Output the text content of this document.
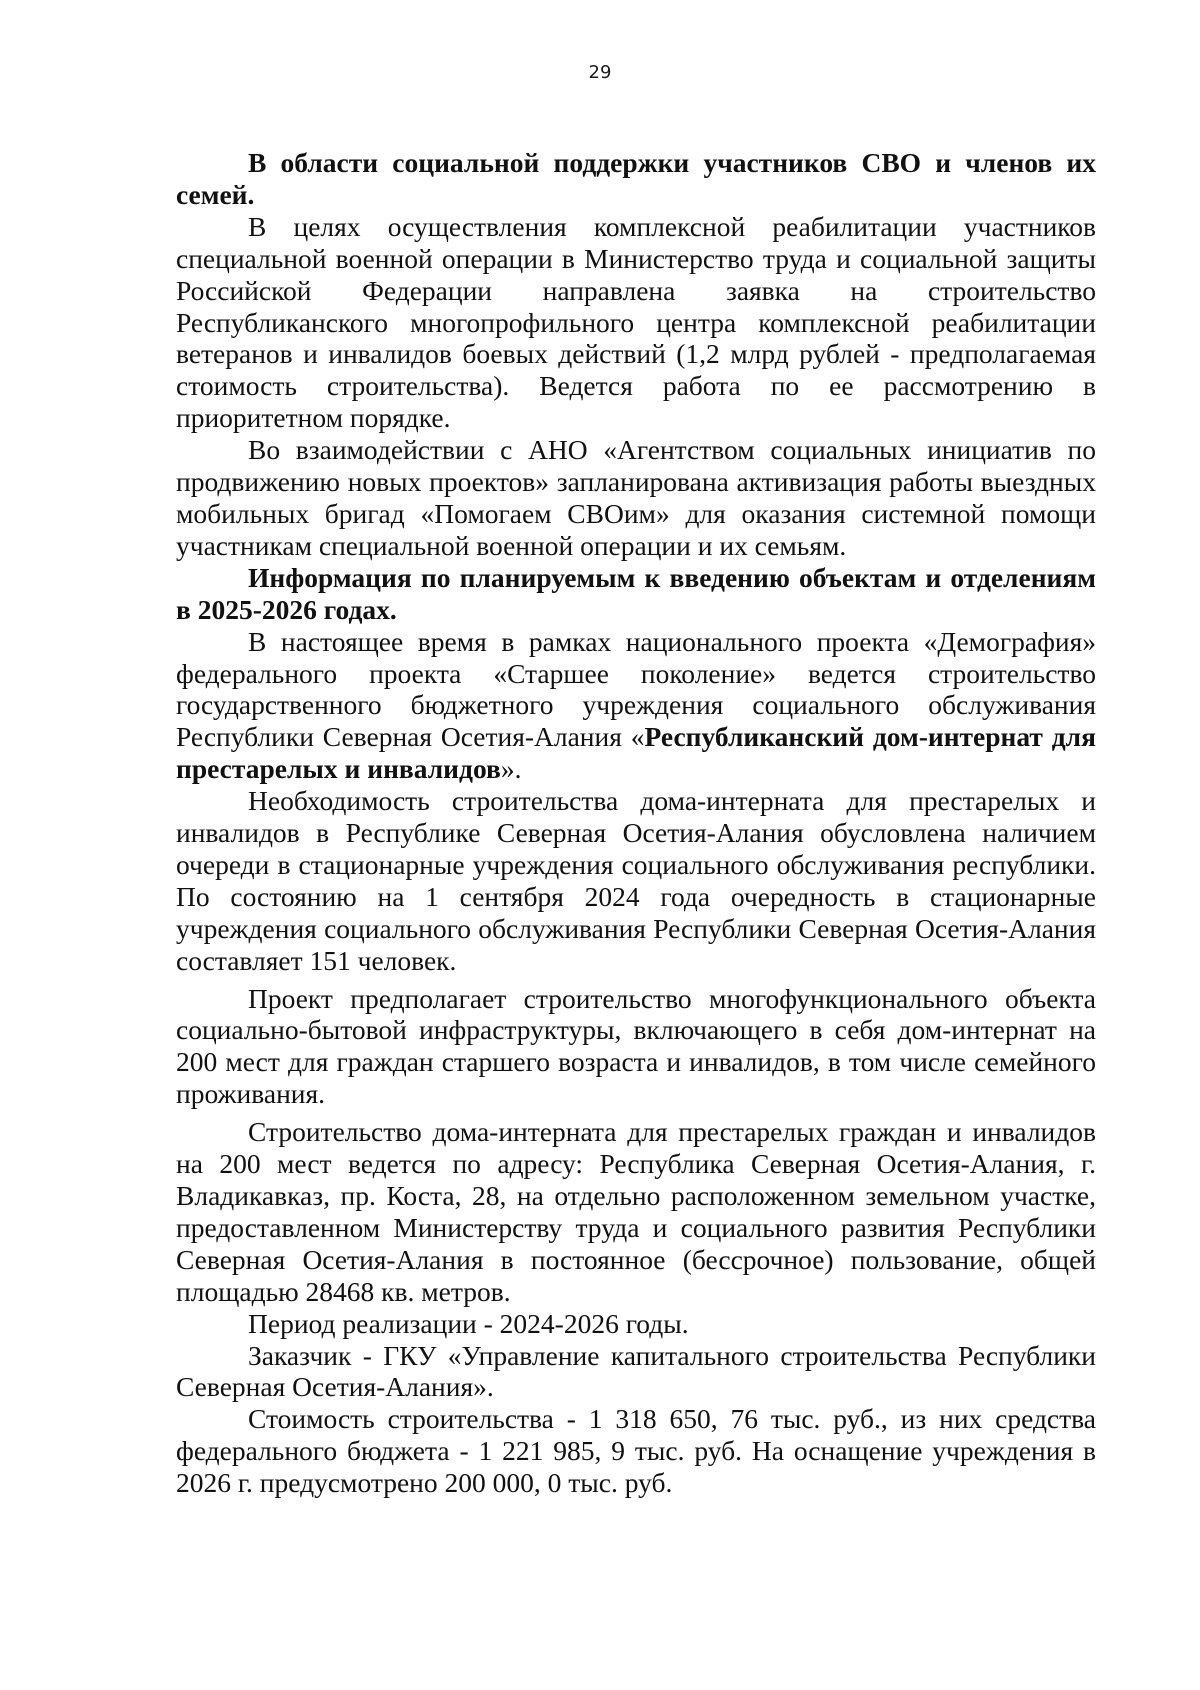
29

В области социальной поддержки участников СВО и членов их семей.

В целях осуществления комплексной реабилитации участников специальной военной операции в Министерство труда и социальной защиты Российской Федерации направлена заявка на строительство Республиканского многопрофильного центра комплексной реабилитации ветеранов и инвалидов боевых действий (1,2 млрд рублей - предполагаемая стоимость строительства). Ведется работа по ее рассмотрению в приоритетном порядке.

Во взаимодействии с АНО «Агентством социальных инициатив по продвижению новых проектов» запланирована активизация работы выездных мобильных бригад «Помогаем СВОим» для оказания системной помощи участникам специальной военной операции и их семьям.

Информация по планируемым к введению объектам и отделениям в 2025-2026 годах.

В настоящее время в рамках национального проекта «Демография» федерального проекта «Старшее поколение» ведется строительство государственного бюджетного учреждения социального обслуживания Республики Северная Осетия-Алания «Республиканский дом-интернат для престарелых и инвалидов».

Необходимость строительства дома-интерната для престарелых и инвалидов в Республике Северная Осетия-Алания обусловлена наличием очереди в стационарные учреждения социального обслуживания республики. По состоянию на 1 сентября 2024 года очередность в стационарные учреждения социального обслуживания Республики Северная Осетия-Алания составляет 151 человек.

Проект предполагает строительство многофункционального объекта социально-бытовой инфраструктуры, включающего в себя дом-интернат на 200 мест для граждан старшего возраста и инвалидов, в том числе семейного проживания.

Строительство дома-интерната для престарелых граждан и инвалидов на 200 мест ведется по адресу: Республика Северная Осетия-Алания, г. Владикавказ, пр. Коста, 28, на отдельно расположенном земельном участке, предоставленном Министерству труда и социального развития Республики Северная Осетия-Алания в постоянное (бессрочное) пользование, общей площадью 28468 кв. метров.

Период реализации - 2024-2026 годы.

Заказчик - ГКУ «Управление капитального строительства Республики Северная Осетия-Алания».

Стоимость строительства - 1 318 650, 76 тыс. руб., из них средства федерального бюджета - 1 221 985, 9 тыс. руб. На оснащение учреждения в 2026 г. предусмотрено 200 000, 0 тыс. руб.
